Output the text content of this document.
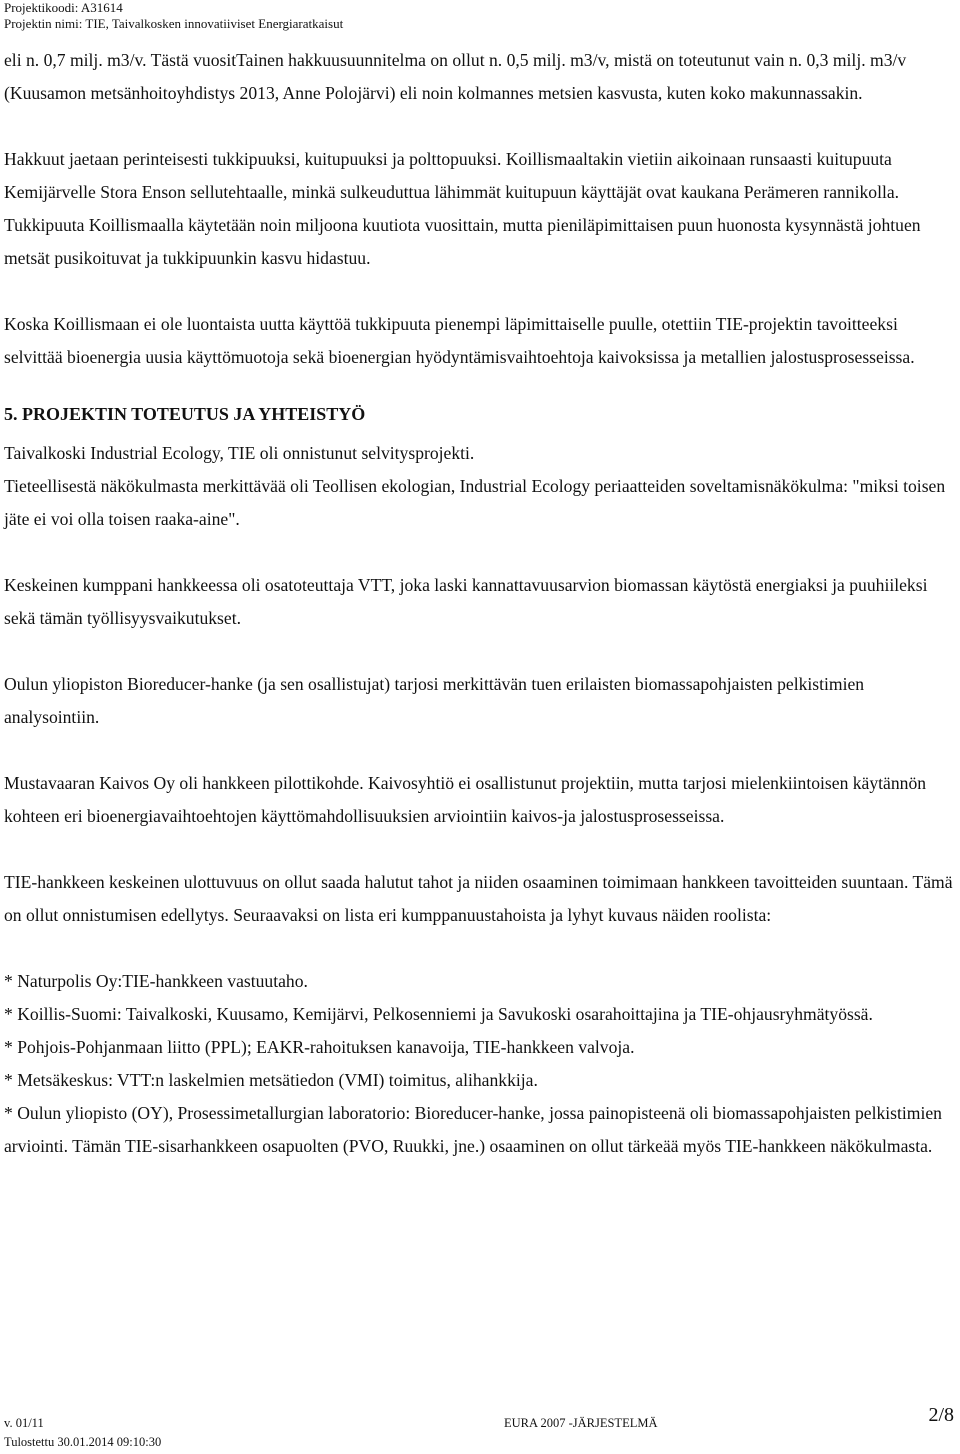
Projektikoodi: A31614
Projektin nimi: TIE, Taivalkosken innovatiiviset Energiaratkaisut

eli n. 0,7 milj. m3/v. Tästä vuositTainen hakkuusuunnitelma on ollut n. 0,5 milj. m3/v, mistä on toteutunut vain n. 0,3 milj. m3/v (Kuusamon metsänhoitoyhdistys 2013, Anne Polojärvi) eli noin kolmannes metsien kasvusta, kuten koko makunnassakin.

Hakkuut jaetaan perinteisesti tukkipuuksi, kuitupuuksi ja polttopuuksi. Koillismaaltakin vietiin aikoinaan runsaasti kuitupuuta Kemijärvelle Stora Enson sellutehtaalle, minkä sulkeuduttua lähimmät kuitupuun käyttäjät ovat kaukana Perämeren rannikolla. Tukkipuuta Koillismaalla käytetään noin miljoona kuutiota vuosittain, mutta pieniläpimittaisen puun huonosta kysynnästä johtuen metsät pusikoituvat ja tukkipuunkin kasvu hidastuu.

Koska Koillismaan ei ole luontaista uutta käyttöä tukkipuuta pienempi läpimittaiselle puulle, otettiin TIE-projektin tavoitteeksi selvittää bioenergia uusia käyttömuotoja sekä bioenergian hyödyntämisvaihtoehtoja kaivoksissa ja metallien jalostusprosesseissa.

5. PROJEKTIN TOTEUTUS JA YHTEISTYÖ

Taivalkoski Industrial Ecology, TIE oli onnistunut selvitysprojekti.

Tieteellisestä näkökulmasta merkittävää oli Teollisen ekologian, Industrial Ecology periaatteiden soveltamisnäkökulma: "miksi toisen jäte ei voi olla toisen raaka-aine".

Keskeinen kumppani hankkeessa oli osatoteuttaja VTT, joka laski kannattavuusarvion biomassan käytöstä energiaksi ja puuhiileksi sekä tämän työllisyysvaikutukset.

Oulun yliopiston Bioreducer-hanke (ja sen osallistujat) tarjosi merkittävän tuen erilaisten biomassapohjaisten pelkistimien analysointiin.

Mustavaaran Kaivos Oy oli hankkeen pilottikohde. Kaivosyhtiö ei osallistunut projektiin, mutta tarjosi mielenkiintoisen käytännön kohteen eri bioenergiavaihtoehtojen käyttömahdollisuuksien arviointiin kaivos-ja jalostusprosesseissa.

TIE-hankkeen keskeinen ulottuvuus on ollut saada halutut tahot ja niiden osaaminen toimimaan hankkeen tavoitteiden suuntaan. Tämä on ollut onnistumisen edellytys. Seuraavaksi on lista eri kumppanuustahoista ja lyhyt kuvaus näiden roolista:

* Naturpolis Oy:TIE-hankkeen vastuutaho.

* Koillis-Suomi: Taivalkoski, Kuusamo, Kemijärvi, Pelkosenniemi ja Savukoski osarahoittajina ja TIE-ohjausryhmätyössä.

* Pohjois-Pohjanmaan liitto (PPL); EAKR-rahoituksen kanavoija, TIE-hankkeen valvoja.

* Metsäkeskus: VTT:n laskelmien metsätiedon (VMI) toimitus, alihankkija.

* Oulun yliopisto (OY), Prosessimetallurgian laboratorio: Bioreducer-hanke, jossa painopisteenä oli biomassapohjaisten pelkistimien arviointi. Tämän TIE-sisarhankkeen osapuolten (PVO, Ruukki, jne.) osaaminen on ollut tärkeää myös TIE-hankkeen näkökulmasta.

v. 01/11	EURA 2007 -JÄRJESTELMÄ	2/8
Tulostettu 30.01.2014 09:10:30
